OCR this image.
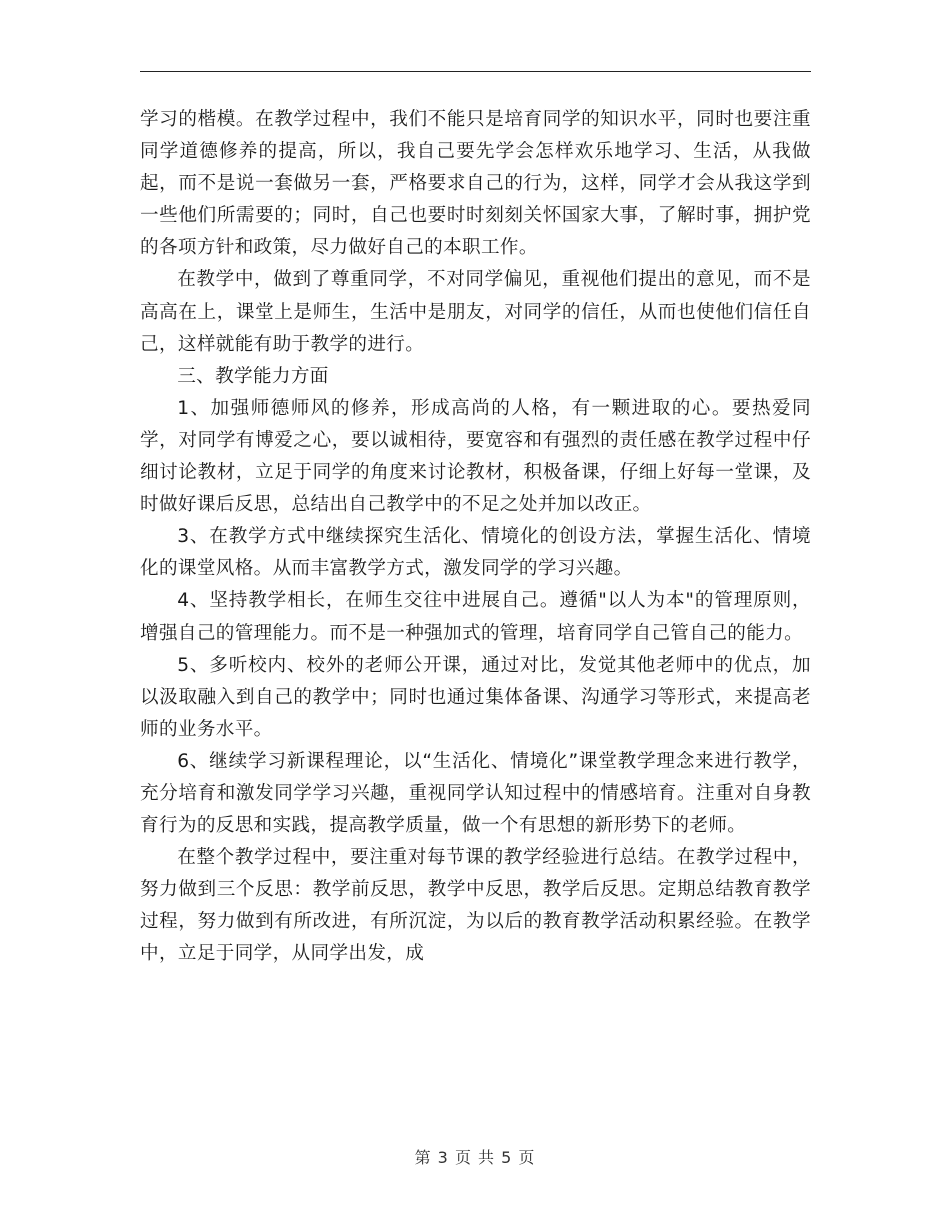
学习的楷模。在教学过程中，我们不能只是培育同学的知识水平，同时也要注重同学道德修养的提高，所以，我自己要先学会怎样欢乐地学习、生活，从我做起，而不是说一套做另一套，严格要求自己的行为，这样，同学才会从我这学到一些他们所需要的；同时，自己也要时时刻刻关怀国家大事，了解时事，拥护党的各项方针和政策，尽力做好自己的本职工作。

在教学中，做到了尊重同学，不对同学偏见，重视他们提出的意见，而不是高高在上，课堂上是师生，生活中是朋友，对同学的信任，从而也使他们信任自己，这样就能有助于教学的进行。

三、教学能力方面

1、加强师德师风的修养，形成高尚的人格，有一颗进取的心。要热爱同学，对同学有博爱之心，要以诚相待，要宽容和有强烈的责任感在教学过程中仔细讨论教材，立足于同学的角度来讨论教材，积极备课，仔细上好每一堂课，及时做好课后反思，总结出自己教学中的不足之处并加以改正。

3、在教学方式中继续探究生活化、情境化的创设方法，掌握生活化、情境化的课堂风格。从而丰富教学方式，激发同学的学习兴趣。

4、坚持教学相长，在师生交往中进展自己。遵循"以人为本"的管理原则，增强自己的管理能力。而不是一种强加式的管理，培育同学自己管自己的能力。

5、多听校内、校外的老师公开课，通过对比，发觉其他老师中的优点，加以汲取融入到自己的教学中；同时也通过集体备课、沟通学习等形式，来提高老师的业务水平。

6、继续学习新课程理论，以“生活化、情境化”课堂教学理念来进行教学，充分培育和激发同学学习兴趣，重视同学认知过程中的情感培育。注重对自身教育行为的反思和实践，提高教学质量，做一个有思想的新形势下的老师。

在整个教学过程中，要注重对每节课的教学经验进行总结。在教学过程中，努力做到三个反思：教学前反思，教学中反思，教学后反思。定期总结教育教学过程，努力做到有所改进，有所沉淀，为以后的教育教学活动积累经验。在教学中，立足于同学，从同学出发，成

第 3 页 共 5 页
